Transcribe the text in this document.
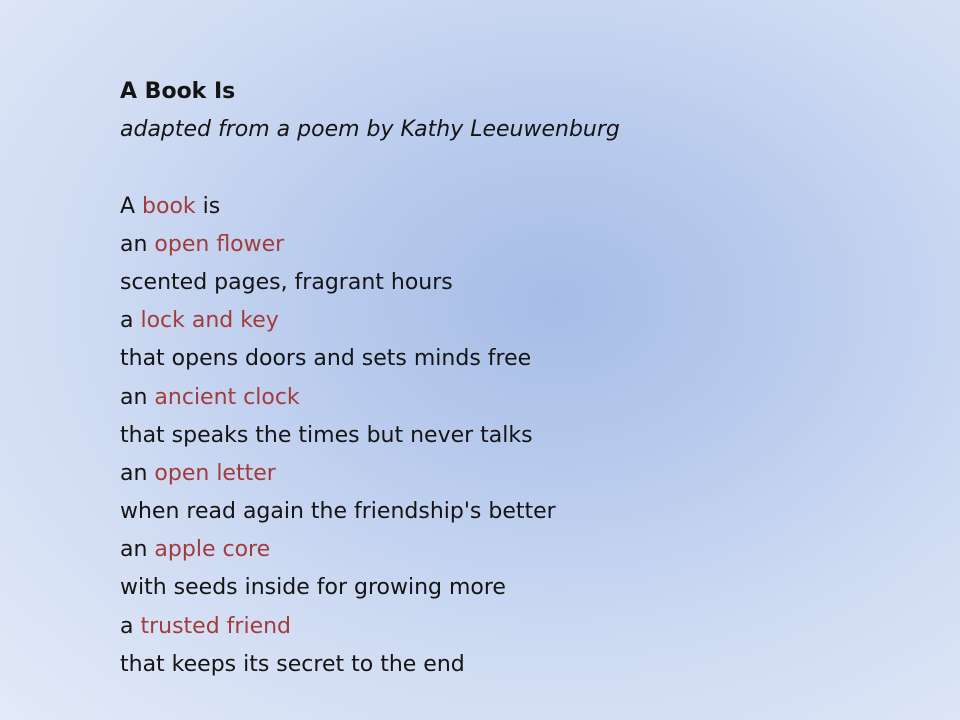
A Book Is
adapted from a poem by Kathy Leeuwenburg
A book is
an open flower
scented pages, fragrant hours
a lock and key
that opens doors and sets minds free
an ancient clock
that speaks the times but never talks
an open letter
when read again the friendship's better
an apple core
with seeds inside for growing more
a trusted friend
that keeps its secret to the end
